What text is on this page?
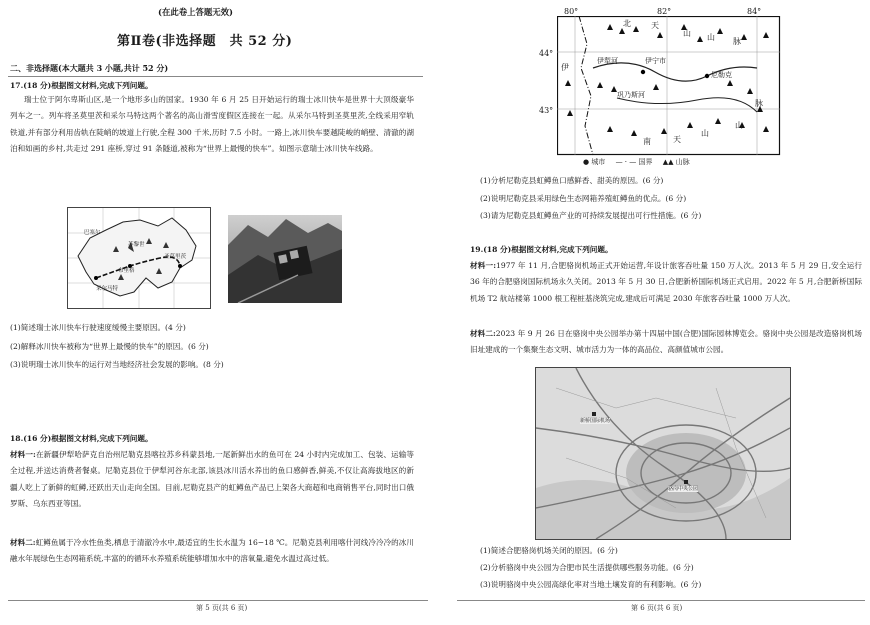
(在此卷上答题无效)
第Ⅱ卷(非选择题　共 52 分)
二、非选择题(本大题共 3 小题,共计 52 分)
17.(18 分)根据图文材料,完成下列问题。
瑞士位于阿尔卑斯山区,是一个地形多山的国家。1930 年 6 月 25 日开始运行的瑞士冰川快车是世界十大顶级豪华列车之一。列车将圣莫里茨和采尔马特这两个著名的高山滑雪度假区连接在一起。从采尔马特到圣莫里茨,全线采用窄轨铁道,并有部分利用齿轨在陡峭的坡道上行驶,全程 300 千米,历时 7.5 小时。一路上,冰川快车要越陡峻的峭壁、清澈的湖泊和如画的乡村,共走过 291 座桥,穿过 91 条隧道,被称为“世界上最慢的快车”。如图示意瑞士冰川快车线路。
苏黎世
圣莫里茨
布里格
采尔马特
巴塞尔
(1)简述瑞士冰川快车行驶速度缓慢主要原因。(4 分)
(2)解释冰川快车被称为“世界上最慢的快车”的原因。(6 分)
(3)说明瑞士冰川快车的运行对当地经济社会发展的影响。(8 分)
18.(16 分)根据图文材料,完成下列问题。
材料一:在新疆伊犁哈萨克自治州尼勒克县喀拉苏乡科蒙县地,一尾新鲜出水的鱼可在 24 小时内完成加工、包装、运输等全过程,并送达消费者餐桌。尼勒克县位于伊犁河谷东北部,该县冰川活水养出的鱼口感鲜香,鲜美,不仅让高海拔地区的新疆人吃上了新鲜的虹鳟,还跃出天山走向全国。目前,尼勒克县产的虹鳟鱼产品已上架各大商超和电商销售平台,同时出口俄罗斯、乌东西亚等国。
材料二:虹鳟鱼属于冷水性鱼类,栖息于清澈冷水中,最适宜的生长水温为 16−18 ℃。尼勒克县利用喀什河线冷冷冷的冰川融水年展绿色生态网箱系统,丰富的的循环水养殖系统能够增加水中的溶氧量,避免水温过高过低。
第 5 页(共 6 页)
80°	82°	84°
44°
43°
北	天
山 山 脉
伊犁河	伊宁市
尼勒克
巩乃斯河
脉
山
南	天
山
伊
● 城市 — · — 国界 ▲▲ 山脉
(1)分析尼勒克县虹鳟鱼口感鲜香、甜美的原因。(6 分)
(2)说明尼勒克县采用绿色生态网箱养殖虹鳟鱼的优点。(6 分)
(3)请为尼勒克县虹鳟鱼产业的可持续发展提出可行性措施。(6 分)
19.(18 分)根据图文材料,完成下列问题。
材料一:1977 年 11 月,合肥骆岗机场正式开始运营,年设计旅客吞吐量 150 万人次。2013 年 5 月 29 日,安全运行 36 年的合肥骆岗国际机场永久关闭。2013 年 5 月 30 日,合肥新桥国际机场正式启用。2022 年 5 月,合肥新桥国际机场 T2 航站楼第 1000 根工程桩基浇筑完成,建成后可满足 2030 年旅客吞吐量 1000 万人次。
材料二:2023 年 9 月 26 日在骆岗中央公园举办第十四届中国(合肥)国际园林博览会。骆岗中央公园是改造骆岗机场旧址建成的一个集聚生态文明、城市活力为一体的高品位、高颜值城市公园。
新桥国际机场
骆岗中央公园
(1)简述合肥骆岗机场关闭的原因。(6 分)
(2)分析骆岗中央公园为合肥市民生活提供哪些服务功能。(6 分)
(3)说明骆岗中央公园高绿化率对当地土壤发育的有利影响。(6 分)
第 6 页(共 6 页)
